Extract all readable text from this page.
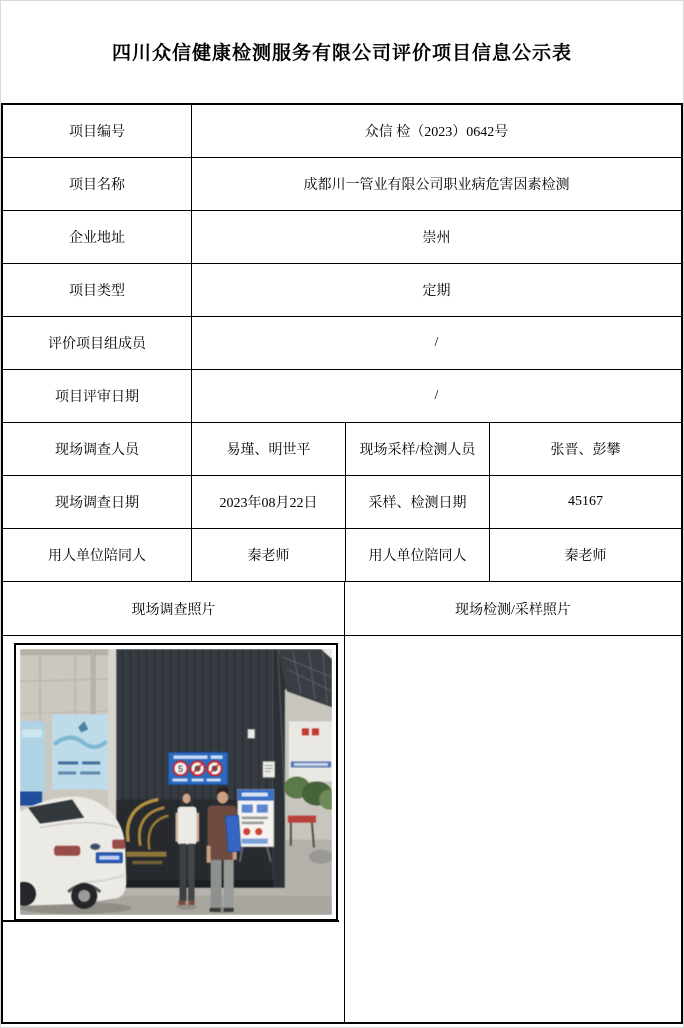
四川众信健康检测服务有限公司评价项目信息公示表
项目编号	众信 检（2023）0642号
项目名称	成都川一管业有限公司职业病危害因素检测
企业地址	崇州
项目类型	定期
评价项目组成员	/
项目评审日期	/
现场调查人员	易瑾、明世平	现场采样/检测人员	张晋、彭攀
现场调查日期	2023年08月22日	采样、检测日期	45167
用人单位陪同人	秦老师	用人单位陪同人	秦老师
现场调查照片	现场检测/采样照片
5
